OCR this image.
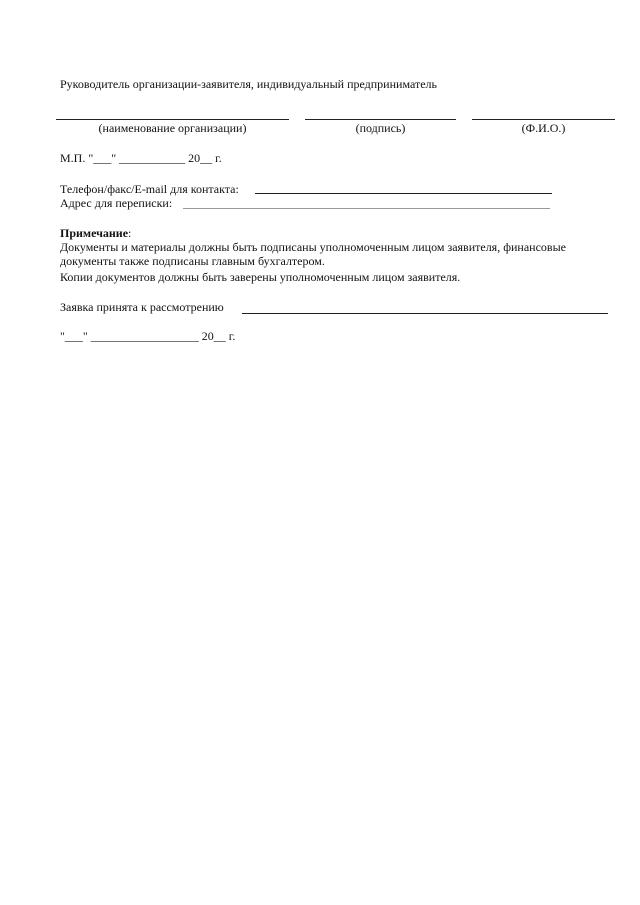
Руководитель организации-заявителя, индивидуальный предприниматель
(наименование организации)	(подпись)	(Ф.И.О.)
М.П. "___" ___________ 20__ г.
Телефон/факс/E-mail для контакта:
Адрес для переписки:
Примечание:
Документы и материалы должны быть подписаны уполномоченным лицом заявителя, финансовые
документы также подписаны главным бухгалтером.
Копии документов должны быть заверены уполномоченным лицом заявителя.
Заявка принята к рассмотрению
"___" __________________ 20__ г.
